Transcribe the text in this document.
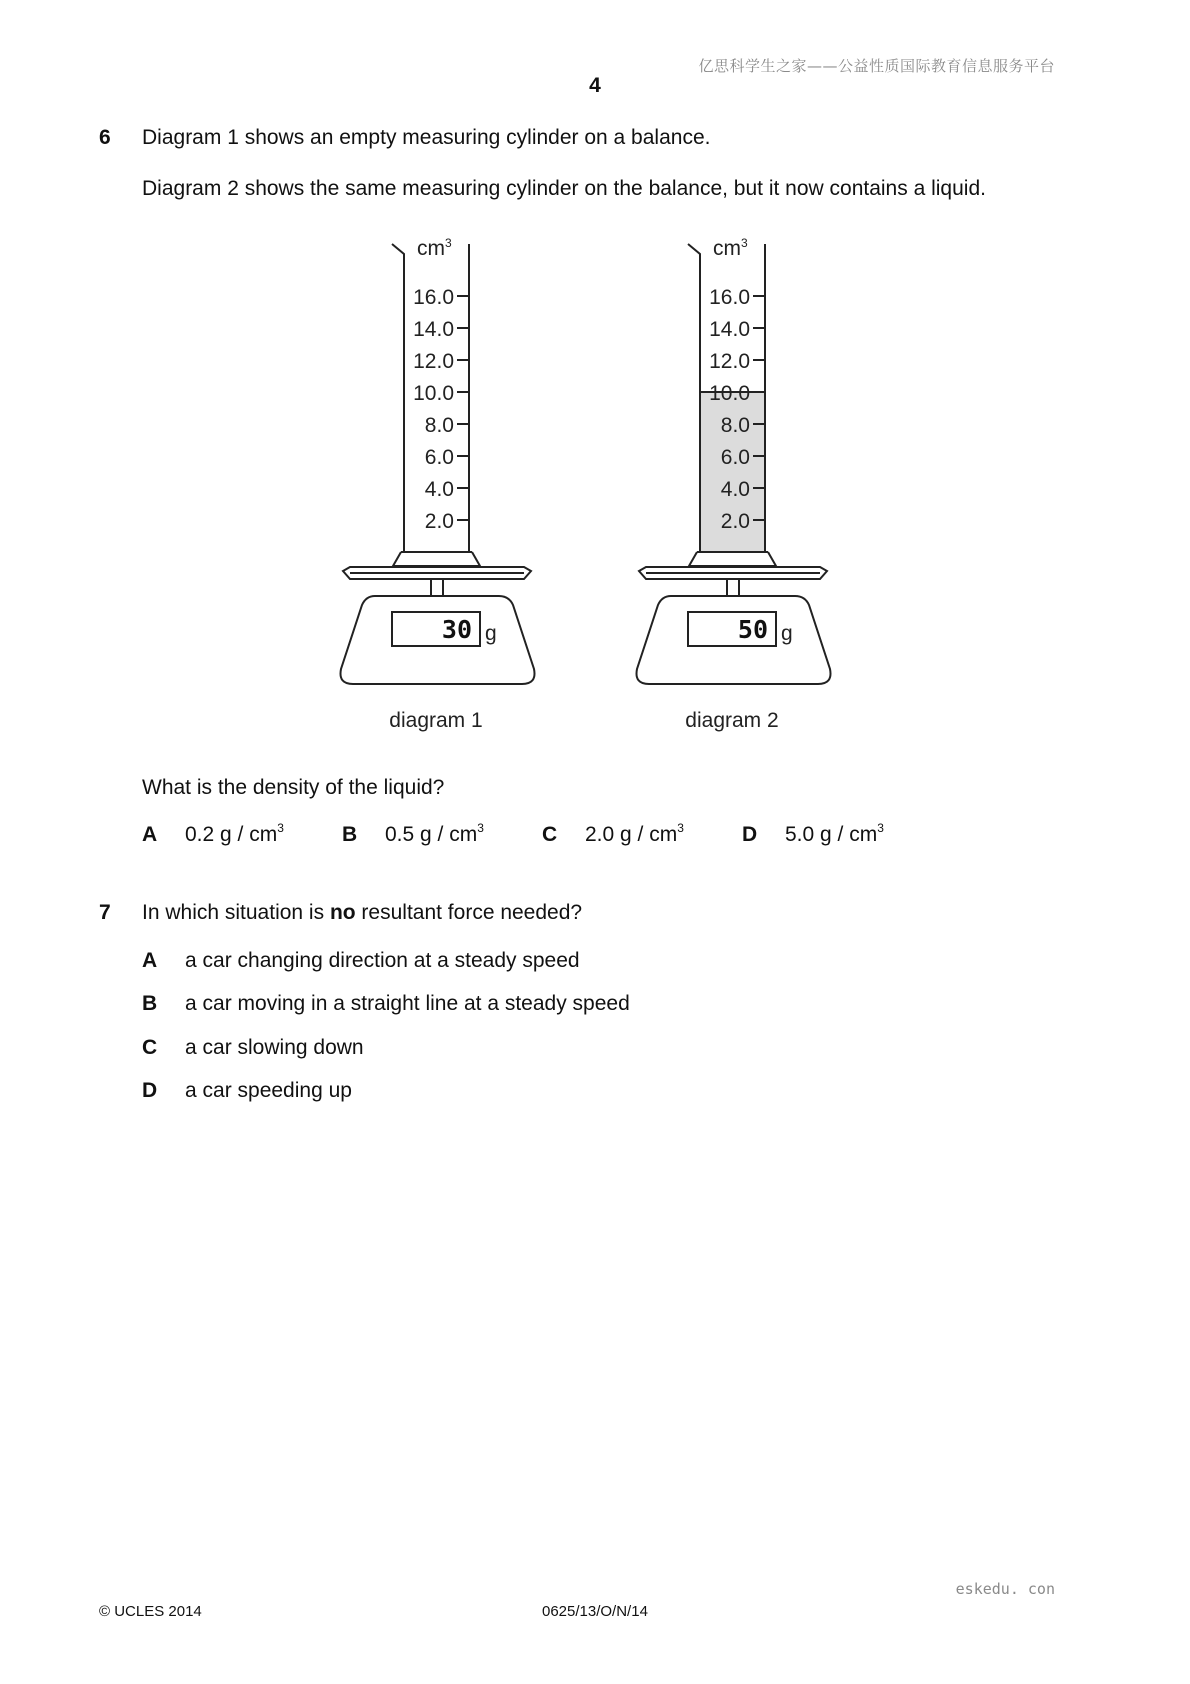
亿思科学生之家——公益性质国际教育信息服务平台
4
6 Diagram 1 shows an empty measuring cylinder on a balance.
Diagram 2 shows the same measuring cylinder on the balance, but it now contains a liquid.
$cm^3$
16.0
14.0
12.0
10.0
8.0
6.0
4.0
2.0
30 g
diagram 1
$cm^3$
16.0
14.0
12.0
10.0
8.0
6.0
4.0
2.0
50 g
diagram 2
What is the density of the liquid?
A 0.2 g / $cm^3$	B 0.5 g / $cm^3$	C 2.0 g / $cm^3$	D 5.0 g / $cm^3$
7 In which situation is no resultant force needed?
A a car changing direction at a steady speed
B a car moving in a straight line at a steady speed
C a car slowing down
D a car speeding up
eskedu. con
© UCLES 2014	0625/13/O/N/14
